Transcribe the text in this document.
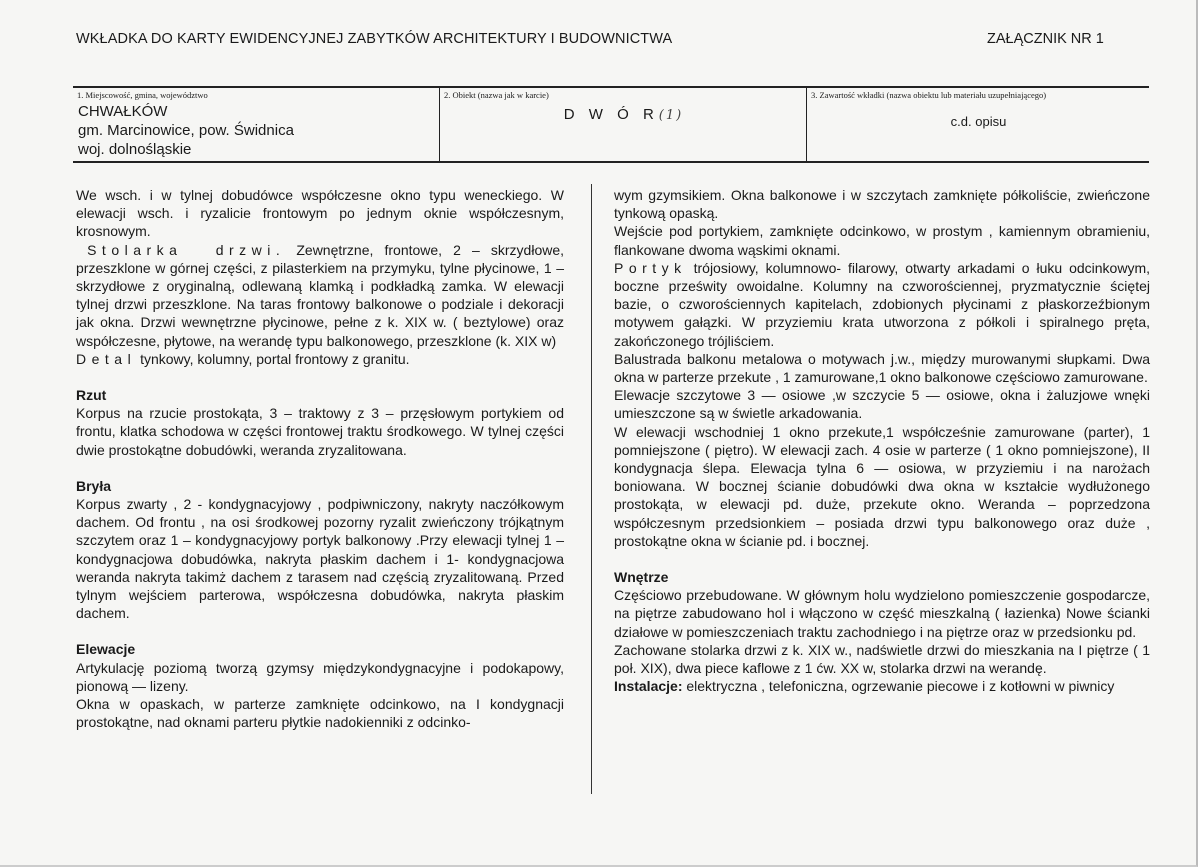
WKŁADKA DO KARTY EWIDENCYJNEJ ZABYTKÓW ARCHITEKTURY I BUDOWNICTWA	ZAŁĄCZNIK NR 1
1. Miejscowość, gmina, województwo
CHWAŁKÓW
gm. Marcinowice, pow. Świdnica
woj. dolnośląskie
2. Obiekt (nazwa jak w karcie)
D W Ó R(1)
3. Zawartość wkładki (nazwa obiektu lub materiału uzupełniającego)
c.d. opisu

We wsch. i w tylnej dobudówce współczesne okno typu weneckiego. W elewacji wsch. i ryzalicie frontowym po jednym oknie współczesnym, krosnowym.

Stolarka drzwi. Zewnętrzne, frontowe, 2 – skrzydłowe, przeszklone w górnej części, z pilasterkiem na przymyku, tylne płycinowe, 1 – skrzydłowe z oryginalną, odlewaną klamką i podkładką zamka. W elewacji tylnej drzwi przeszklone. Na taras frontowy balkonowe o podziale i dekoracji jak okna. Drzwi wewnętrzne płycinowe, pełne z k. XIX w. ( beztylowe) oraz współczesne, płytowe, na werandę typu balkonowego, przeszklone (k. XIX w)

Detal tynkowy, kolumny, portal frontowy z granitu.

Rzut

Korpus na rzucie prostokąta, 3 – traktowy z 3 – przęsłowym portykiem od frontu, klatka schodowa w części frontowej traktu środkowego. W tylnej części dwie prostokątne dobudówki, weranda zryzalitowana.

Bryła

Korpus zwarty , 2 - kondygnacyjowy , podpiwniczony, nakryty naczółkowym dachem. Od frontu , na osi środkowej pozorny ryzalit zwieńczony trójkątnym szczytem oraz 1 – kondygnacyjowy portyk balkonowy .Przy elewacji tylnej 1 – kondygnacjowa dobudówka, nakryta płaskim dachem i 1- kondygnacjowa weranda nakryta takimż dachem z tarasem nad częścią zryzalitowaną. Przed tylnym wejściem parterowa, współczesna dobudówka, nakryta płaskim dachem.

Elewacje

Artykulację poziomą tworzą gzymsy międzykondygnacyjne i podokapowy, pionową — lizeny.

Okna w opaskach, w parterze zamknięte odcinkowo, na I kondygnacji prostokątne, nad oknami parteru płytkie nadokienniki z odcinko-

wym gzymsikiem. Okna balkonowe i w szczytach zamknięte półkoliście, zwieńczone tynkową opaską.

Wejście pod portykiem, zamknięte odcinkowo, w prostym , kamiennym obramieniu, flankowane dwoma wąskimi oknami.

Portyk trójosiowy, kolumnowo- filarowy, otwarty arkadami o łuku odcinkowym, boczne prześwity owoidalne. Kolumny na czworościennej, pryzmatycznie ściętej bazie, o czworościennych kapitelach, zdobionych płycinami z płaskorzeźbionym motywem gałązki. W przyziemiu krata utworzona z półkoli i spiralnego pręta, zakończonego trójliściem.

Balustrada balkonu metalowa o motywach j.w., między murowanymi słupkami. Dwa okna w parterze przekute , 1 zamurowane,1 okno balkonowe częściowo zamurowane.

Elewacje szczytowe 3 — osiowe ,w szczycie 5 — osiowe, okna i żaluzjowe wnęki umieszczone są w świetle arkadowania.

W elewacji wschodniej 1 okno przekute,1 współcześnie zamurowane (parter), 1 pomniejszone ( piętro). W elewacji zach. 4 osie w parterze ( 1 okno pomniejszone), II kondygnacja ślepa. Elewacja tylna 6 — osiowa, w przyziemiu i na narożach boniowana. W bocznej ścianie dobudówki dwa okna w kształcie wydłużonego prostokąta, w elewacji pd. duże, przekute okno. Weranda – poprzedzona współczesnym przedsionkiem – posiada drzwi typu balkonowego oraz duże , prostokątne okna w ścianie pd. i bocznej.

Wnętrze

Częściowo przebudowane. W głównym holu wydzielono pomieszczenie gospodarcze, na piętrze zabudowano hol i włączono w część mieszkalną ( łazienka) Nowe ścianki działowe w pomieszczeniach traktu zachodniego i na piętrze oraz w przedsionku pd.

Zachowane stolarka drzwi z k. XIX w., nadświetle drzwi do mieszkania na I piętrze ( 1 poł. XIX), dwa piece kaflowe z 1 ćw. XX w, stolarka drzwi na werandę.

Instalacje: elektryczna , telefoniczna, ogrzewanie piecowe i z kotłowni w piwnicy
